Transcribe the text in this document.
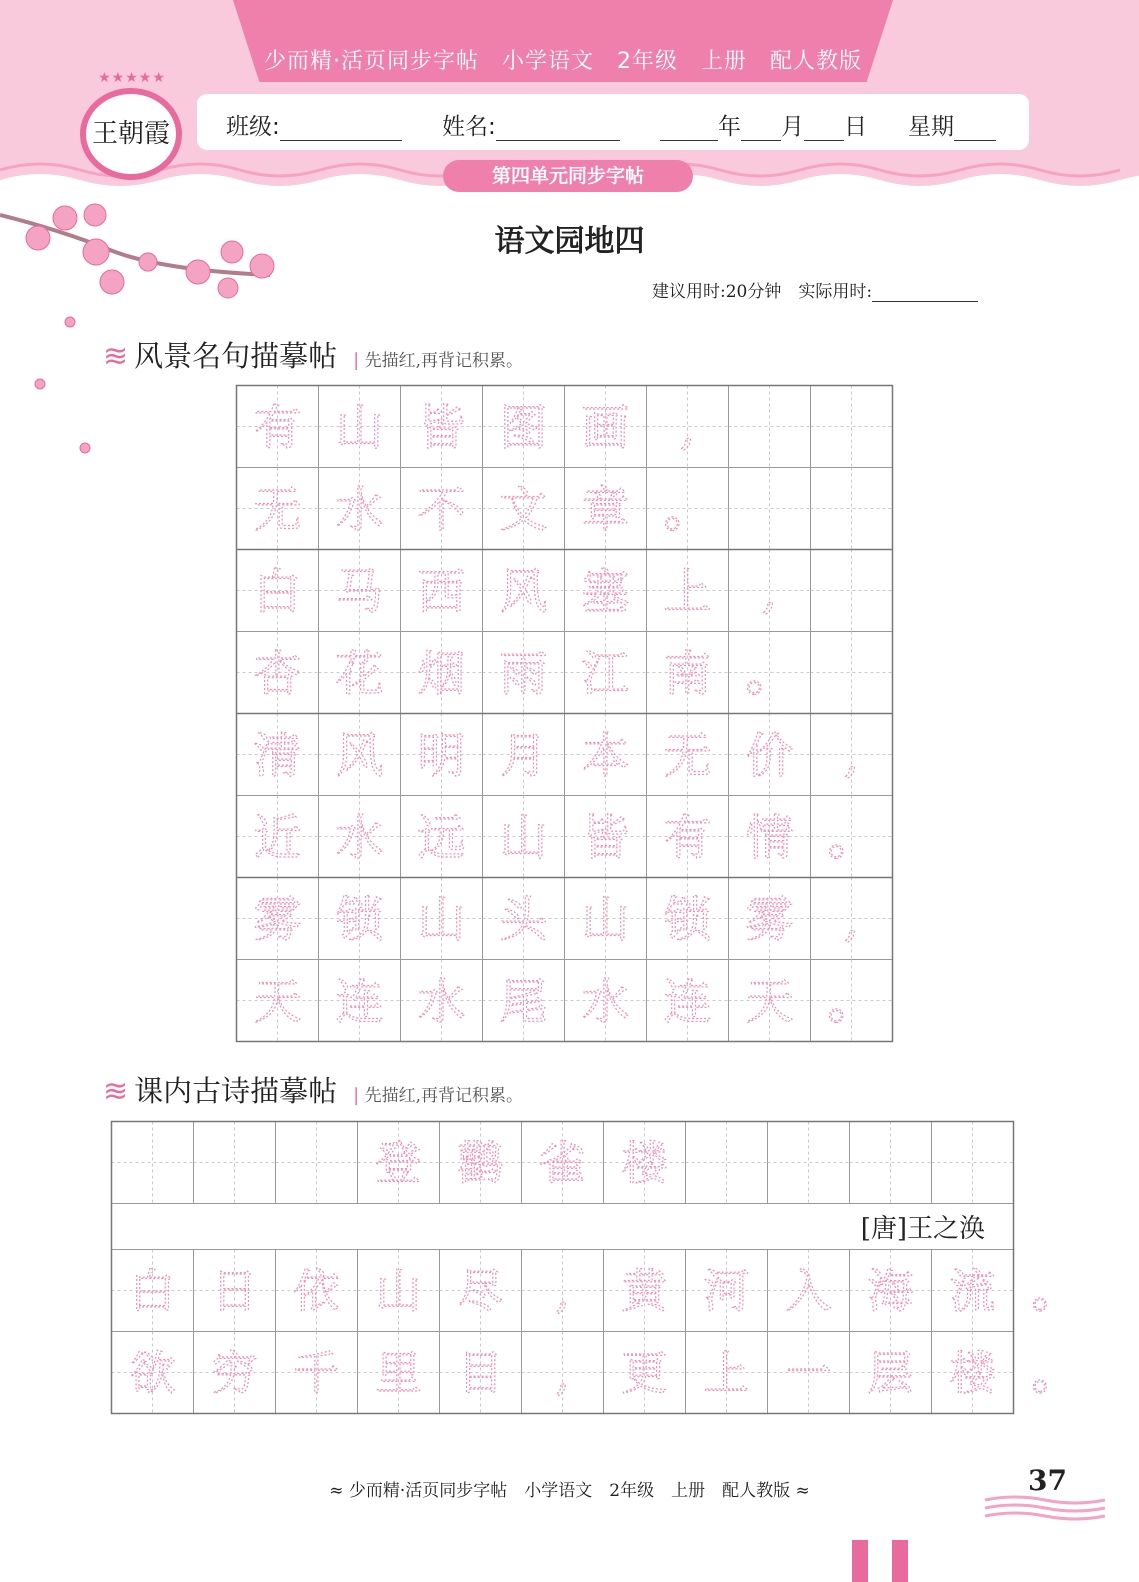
少而精·活页同步字帖　小学语文　2年级　上册　配人教版
★★★★★
王朝霞	班级:	姓名:	年 月 日 星期
第四单元同步字帖
语文园地四
建议用时:20分钟　 实际用时:
≋ 风景名句描摹帖 | 先描红,再背记积累。
有 山 皆 图 画 ,
无 水 不 文 章 。
白 马 西 风 塞 上 ,
杏 花 烟 雨 江 南 。
清 风 明 月 本 无 价 ,
近 水 远 山 皆 有 情 。
雾 锁 山 头 山 锁 雾 ,
天 连 水 尾 水 连 天 。
≋ 课内古诗描摹帖 | 先描红,再背记积累。
[唐]王之涣
登 鹳 雀 楼
白 日 依 山 尽 , 黄 河 入 海 流 。
欲 穷 千 里 目 , 更 上 一 层 楼 。
≈ 少而精·活页同步字帖　小学语文　2年级　上册　配人教版 ≈	37
